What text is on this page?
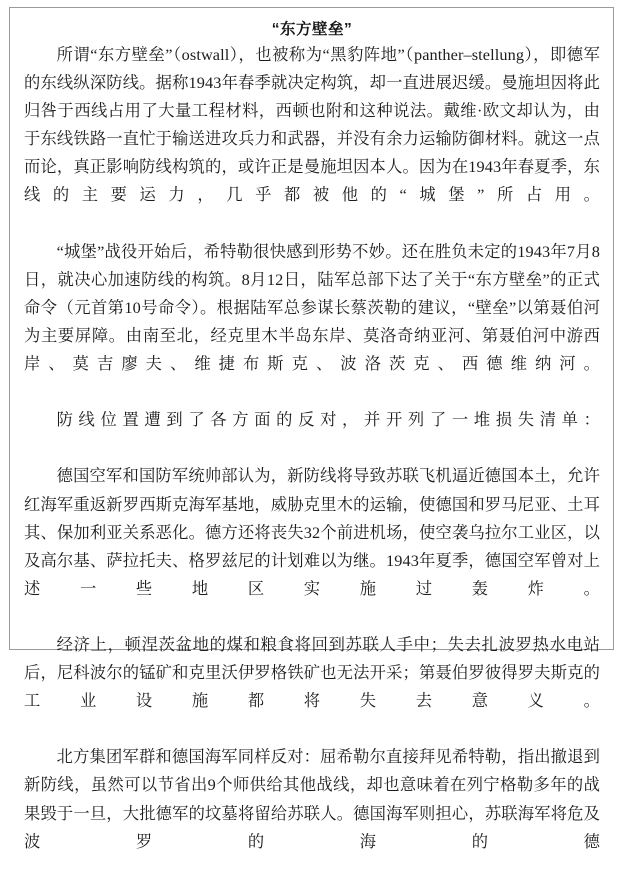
“东方壁垒”

所谓“东方壁垒”（ostwall），也被称为“黑豹阵地”（panther–stellung），即德军的东线纵深防线。据称1943年春季就决定构筑，却一直进展迟缓。曼施坦因将此归咎于西线占用了大量工程材料，西顿也附和这种说法。戴维·欧文却认为，由于东线铁路一直忙于输送进攻兵力和武器，并没有余力运输防御材料。就这一点而论，真正影响防线构筑的，或许正是曼施坦因本人。因为在1943年春夏季，东线的主要运力，几乎都被他的“城堡”所占用。

“城堡”战役开始后，希特勒很快感到形势不妙。还在胜负未定的1943年7月8日，就决心加速防线的构筑。8月12日，陆军总部下达了关于“东方壁垒”的正式命令（元首第10号命令）。根据陆军总参谋长蔡茨勒的建议，“壁垒”以第聂伯河为主要屏障。由南至北，经克里木半岛东岸、莫洛奇纳亚河、第聂伯河中游西岸、莫吉廖夫、维捷布斯克、波洛茨克、西德维纳河。

防线位置遭到了各方面的反对，并开列了一堆损失清单：

德国空军和国防军统帅部认为，新防线将导致苏联飞机逼近德国本土，允许红海军重返新罗西斯克海军基地，威胁克里木的运输，使德国和罗马尼亚、土耳其、保加利亚关系恶化。德方还将丧失32个前进机场，使空袭乌拉尔工业区，以及高尔基、萨拉托夫、格罗兹尼的计划难以为继。1943年夏季，德国空军曾对上述一些地区实施过轰炸。

经济上，顿涅茨盆地的煤和粮食将回到苏联人手中；失去扎波罗热水电站后，尼科波尔的锰矿和克里沃伊罗格铁矿也无法开采；第聂伯罗彼得罗夫斯克的工业设施都将失去意义。

北方集团军群和德国海军同样反对：屈希勒尔直接拜见希特勒，指出撤退到新防线，虽然可以节省出9个师供给其他战线，却也意味着在列宁格勒多年的战果毁于一旦，大批德军的坟墓将留给苏联人。德国海军则担心，苏联海军将危及波罗的海的德
